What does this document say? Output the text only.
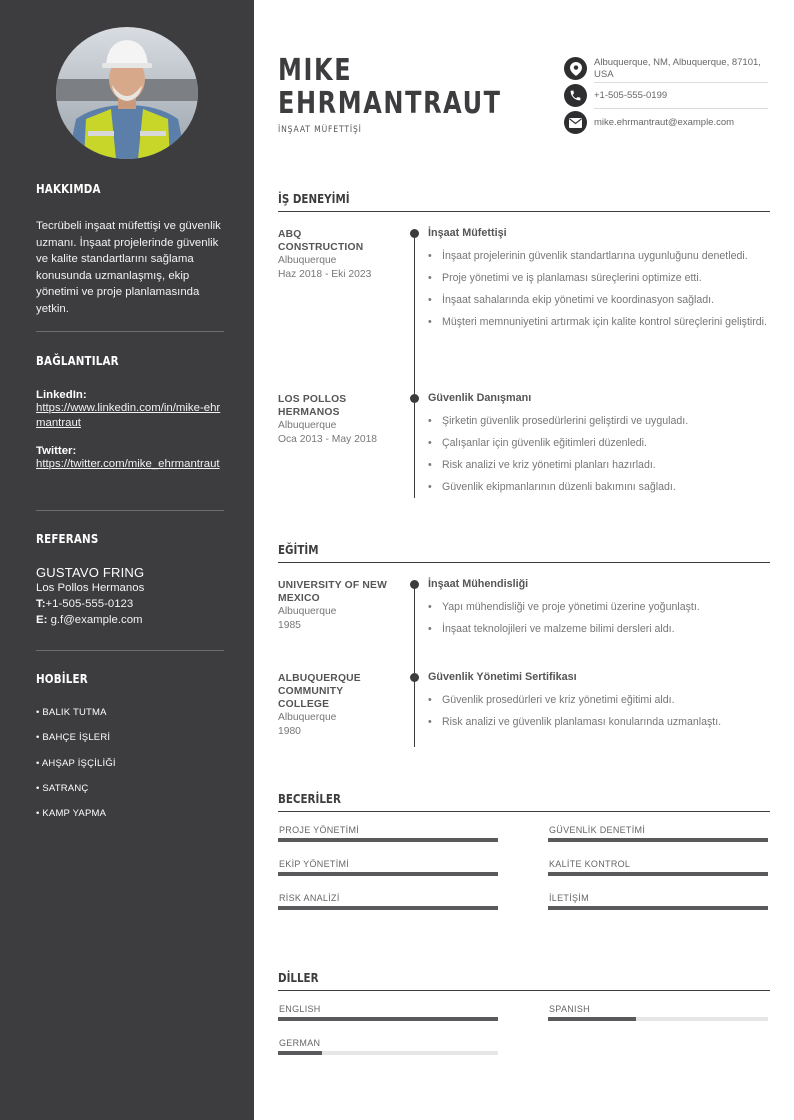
HAKKIMDA
Tecrübeli inşaat müfettişi ve güvenlik uzmanı. İnşaat projelerinde güvenlik ve kalite standartlarını sağlama konusunda uzmanlaşmış, ekip yönetimi ve proje planlamasında yetkin.
BAĞLANTILAR
LinkedIn:
https://www.linkedin.com/in/mike-ehrmantraut
Twitter:
https://twitter.com/mike_ehrmantraut
REFERANS
GUSTAVO FRING
Los Pollos Hermanos
T:+1-505-555-0123
E: g.f@example.com
HOBİLER
• BALIK TUTMA
• BAHÇE İŞLERİ
• AHŞAP İŞÇİLİĞİ
• SATRANÇ
• KAMP YAPMA
MIKE
EHRMANTRAUT
İNŞAAT MÜFETTİŞİ
Albuquerque, NM, Albuquerque, 87101, USA
+1-505-555-0199
mike.ehrmantraut@example.com
İŞ DENEYİMİ
ABQ
CONSTRUCTION
Albuquerque
Haz 2018 - Eki 2023
İnşaat Müfettişi
• İnşaat projelerinin güvenlik standartlarına uygunluğunu denetledi.
• Proje yönetimi ve iş planlaması süreçlerini optimize etti.
• İnşaat sahalarında ekip yönetimi ve koordinasyon sağladı.
• Müşteri memnuniyetini artırmak için kalite kontrol süreçlerini geliştirdi.
LOS POLLOS
HERMANOS
Albuquerque
Oca 2013 - May 2018
Güvenlik Danışmanı
• Şirketin güvenlik prosedürlerini geliştirdi ve uyguladı.
• Çalışanlar için güvenlik eğitimleri düzenledi.
• Risk analizi ve kriz yönetimi planları hazırladı.
• Güvenlik ekipmanlarının düzenli bakımını sağladı.
EĞİTİM
UNIVERSITY OF NEW
MEXICO
Albuquerque
1985
İnşaat Mühendisliği
• Yapı mühendisliği ve proje yönetimi üzerine yoğunlaştı.
• İnşaat teknolojileri ve malzeme bilimi dersleri aldı.
ALBUQUERQUE
COMMUNITY
COLLEGE
Albuquerque
1980
Güvenlik Yönetimi Sertifikası
• Güvenlik prosedürleri ve kriz yönetimi eğitimi aldı.
• Risk analizi ve güvenlik planlaması konularında uzmanlaştı.
BECERİLER
PROJE YÖNETİMİ	GÜVENLİK DENETİMİ
EKİP YÖNETİMİ	KALİTE KONTROL
RİSK ANALİZİ	İLETİŞİM
DİLLER
ENGLISH	SPANISH
GERMAN
